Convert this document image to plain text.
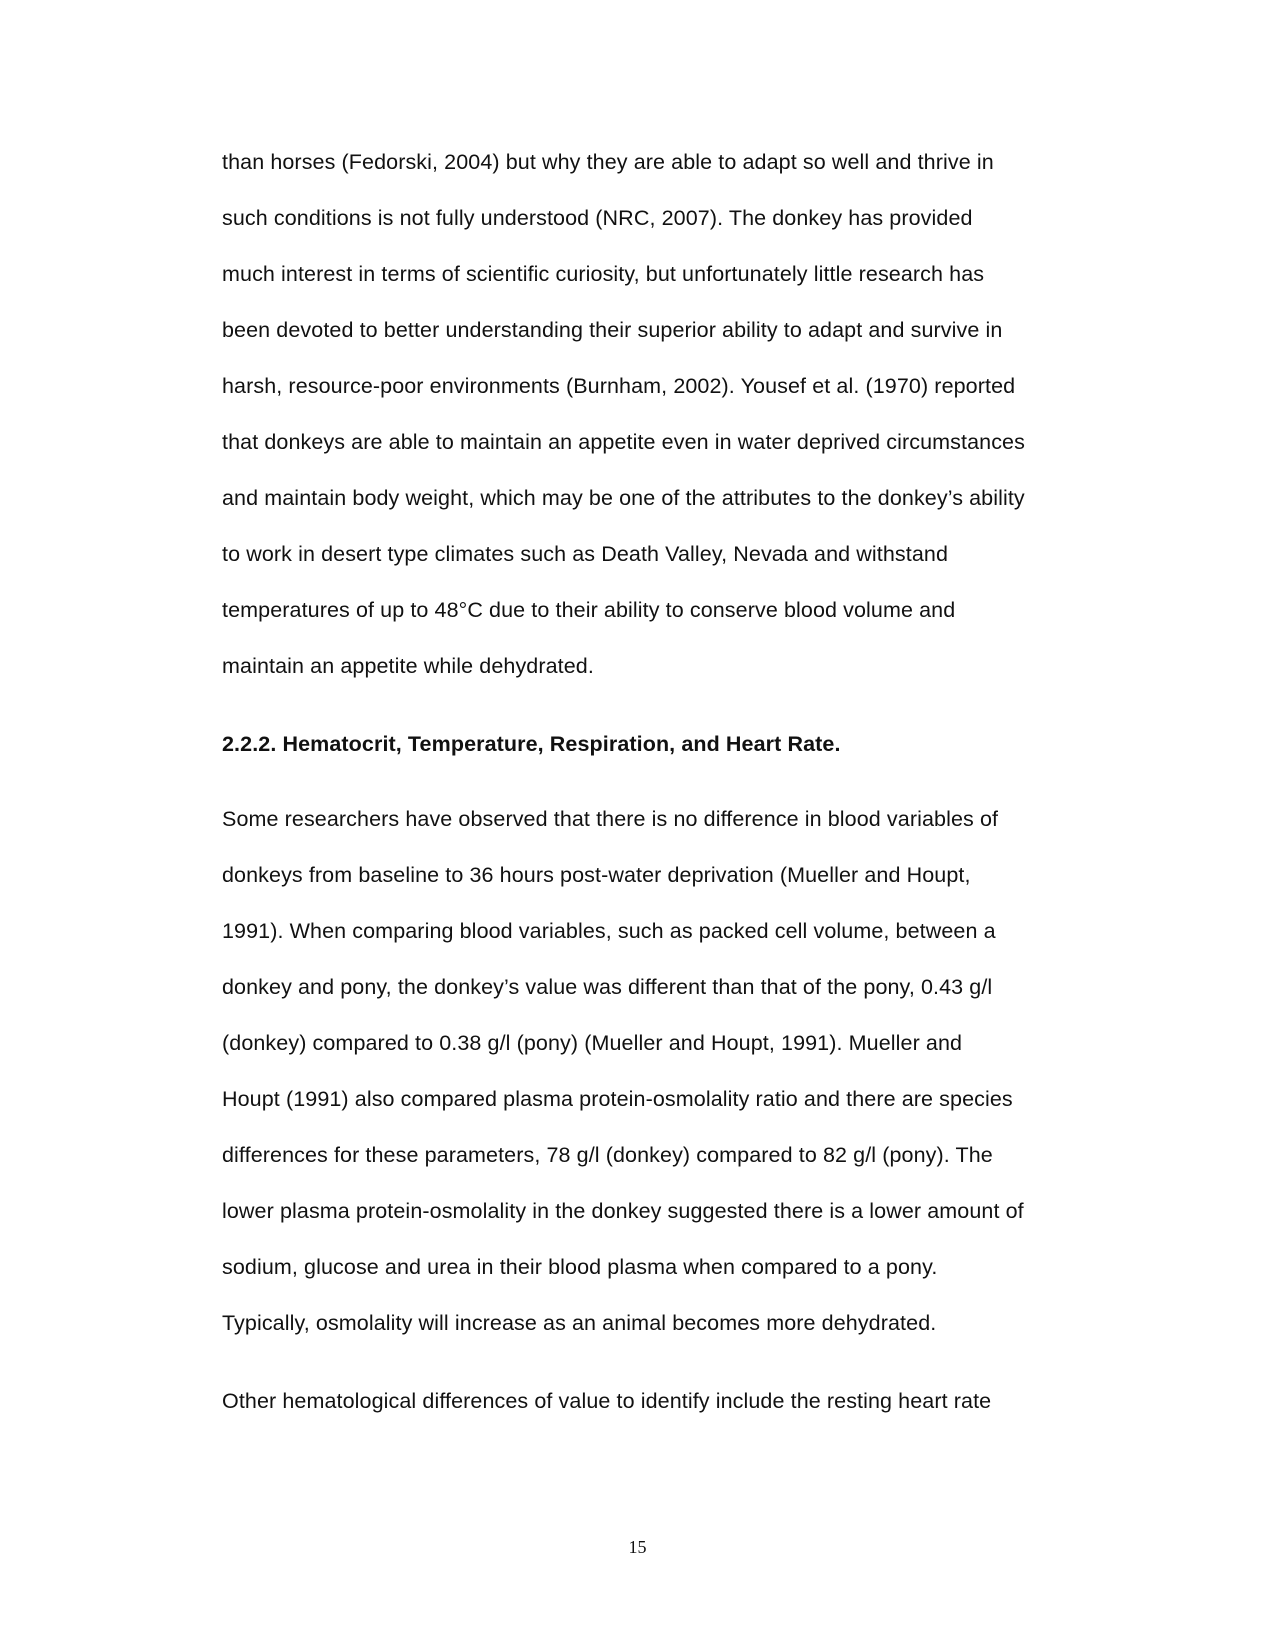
than horses (Fedorski, 2004) but why they are able to adapt so well and thrive in
such conditions is not fully understood (NRC, 2007). The donkey has provided
much interest in terms of scientific curiosity, but unfortunately little research has
been devoted to better understanding their superior ability to adapt and survive in
harsh, resource-poor environments (Burnham, 2002). Yousef et al. (1970) reported
that donkeys are able to maintain an appetite even in water deprived circumstances
and maintain body weight, which may be one of the attributes to the donkey’s ability
to work in desert type climates such as Death Valley, Nevada and withstand
temperatures of up to 48°C due to their ability to conserve blood volume and
maintain an appetite while dehydrated.
2.2.2. Hematocrit, Temperature, Respiration, and Heart Rate.
Some researchers have observed that there is no difference in blood variables of
donkeys from baseline to 36 hours post-water deprivation (Mueller and Houpt,
1991). When comparing blood variables, such as packed cell volume, between a
donkey and pony, the donkey’s value was different than that of the pony, 0.43 g/l
(donkey) compared to 0.38 g/l (pony) (Mueller and Houpt, 1991). Mueller and
Houpt (1991) also compared plasma protein-osmolality ratio and there are species
differences for these parameters, 78 g/l (donkey) compared to 82 g/l (pony). The
lower plasma protein-osmolality in the donkey suggested there is a lower amount of
sodium, glucose and urea in their blood plasma when compared to a pony.
Typically, osmolality will increase as an animal becomes more dehydrated.
Other hematological differences of value to identify include the resting heart rate
15
